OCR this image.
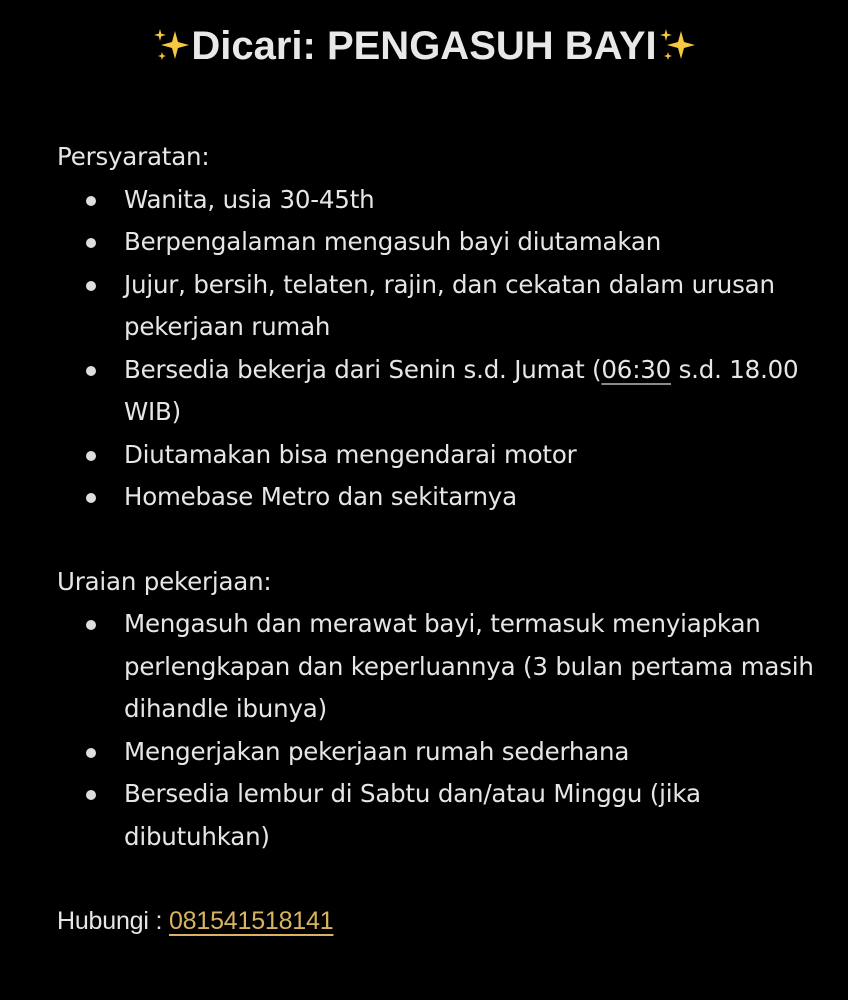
Dicari: PENGASUH BAYI

Persyaratan:

Wanita, usia 30-45th
Berpengalaman mengasuh bayi diutamakan
Jujur, bersih, telaten, rajin, dan cekatan dalam urusan pekerjaan rumah
Bersedia bekerja dari Senin s.d. Jumat (06:30 s.d. 18.00 WIB)
Diutamakan bisa mengendarai motor
Homebase Metro dan sekitarnya

Uraian pekerjaan:

Mengasuh dan merawat bayi, termasuk menyiapkan perlengkapan dan keperluannya (3 bulan pertama masih dihandle ibunya)
Mengerjakan pekerjaan rumah sederhana
Bersedia lembur di Sabtu dan/atau Minggu (jika dibutuhkan)

Hubungi : 081541518141
